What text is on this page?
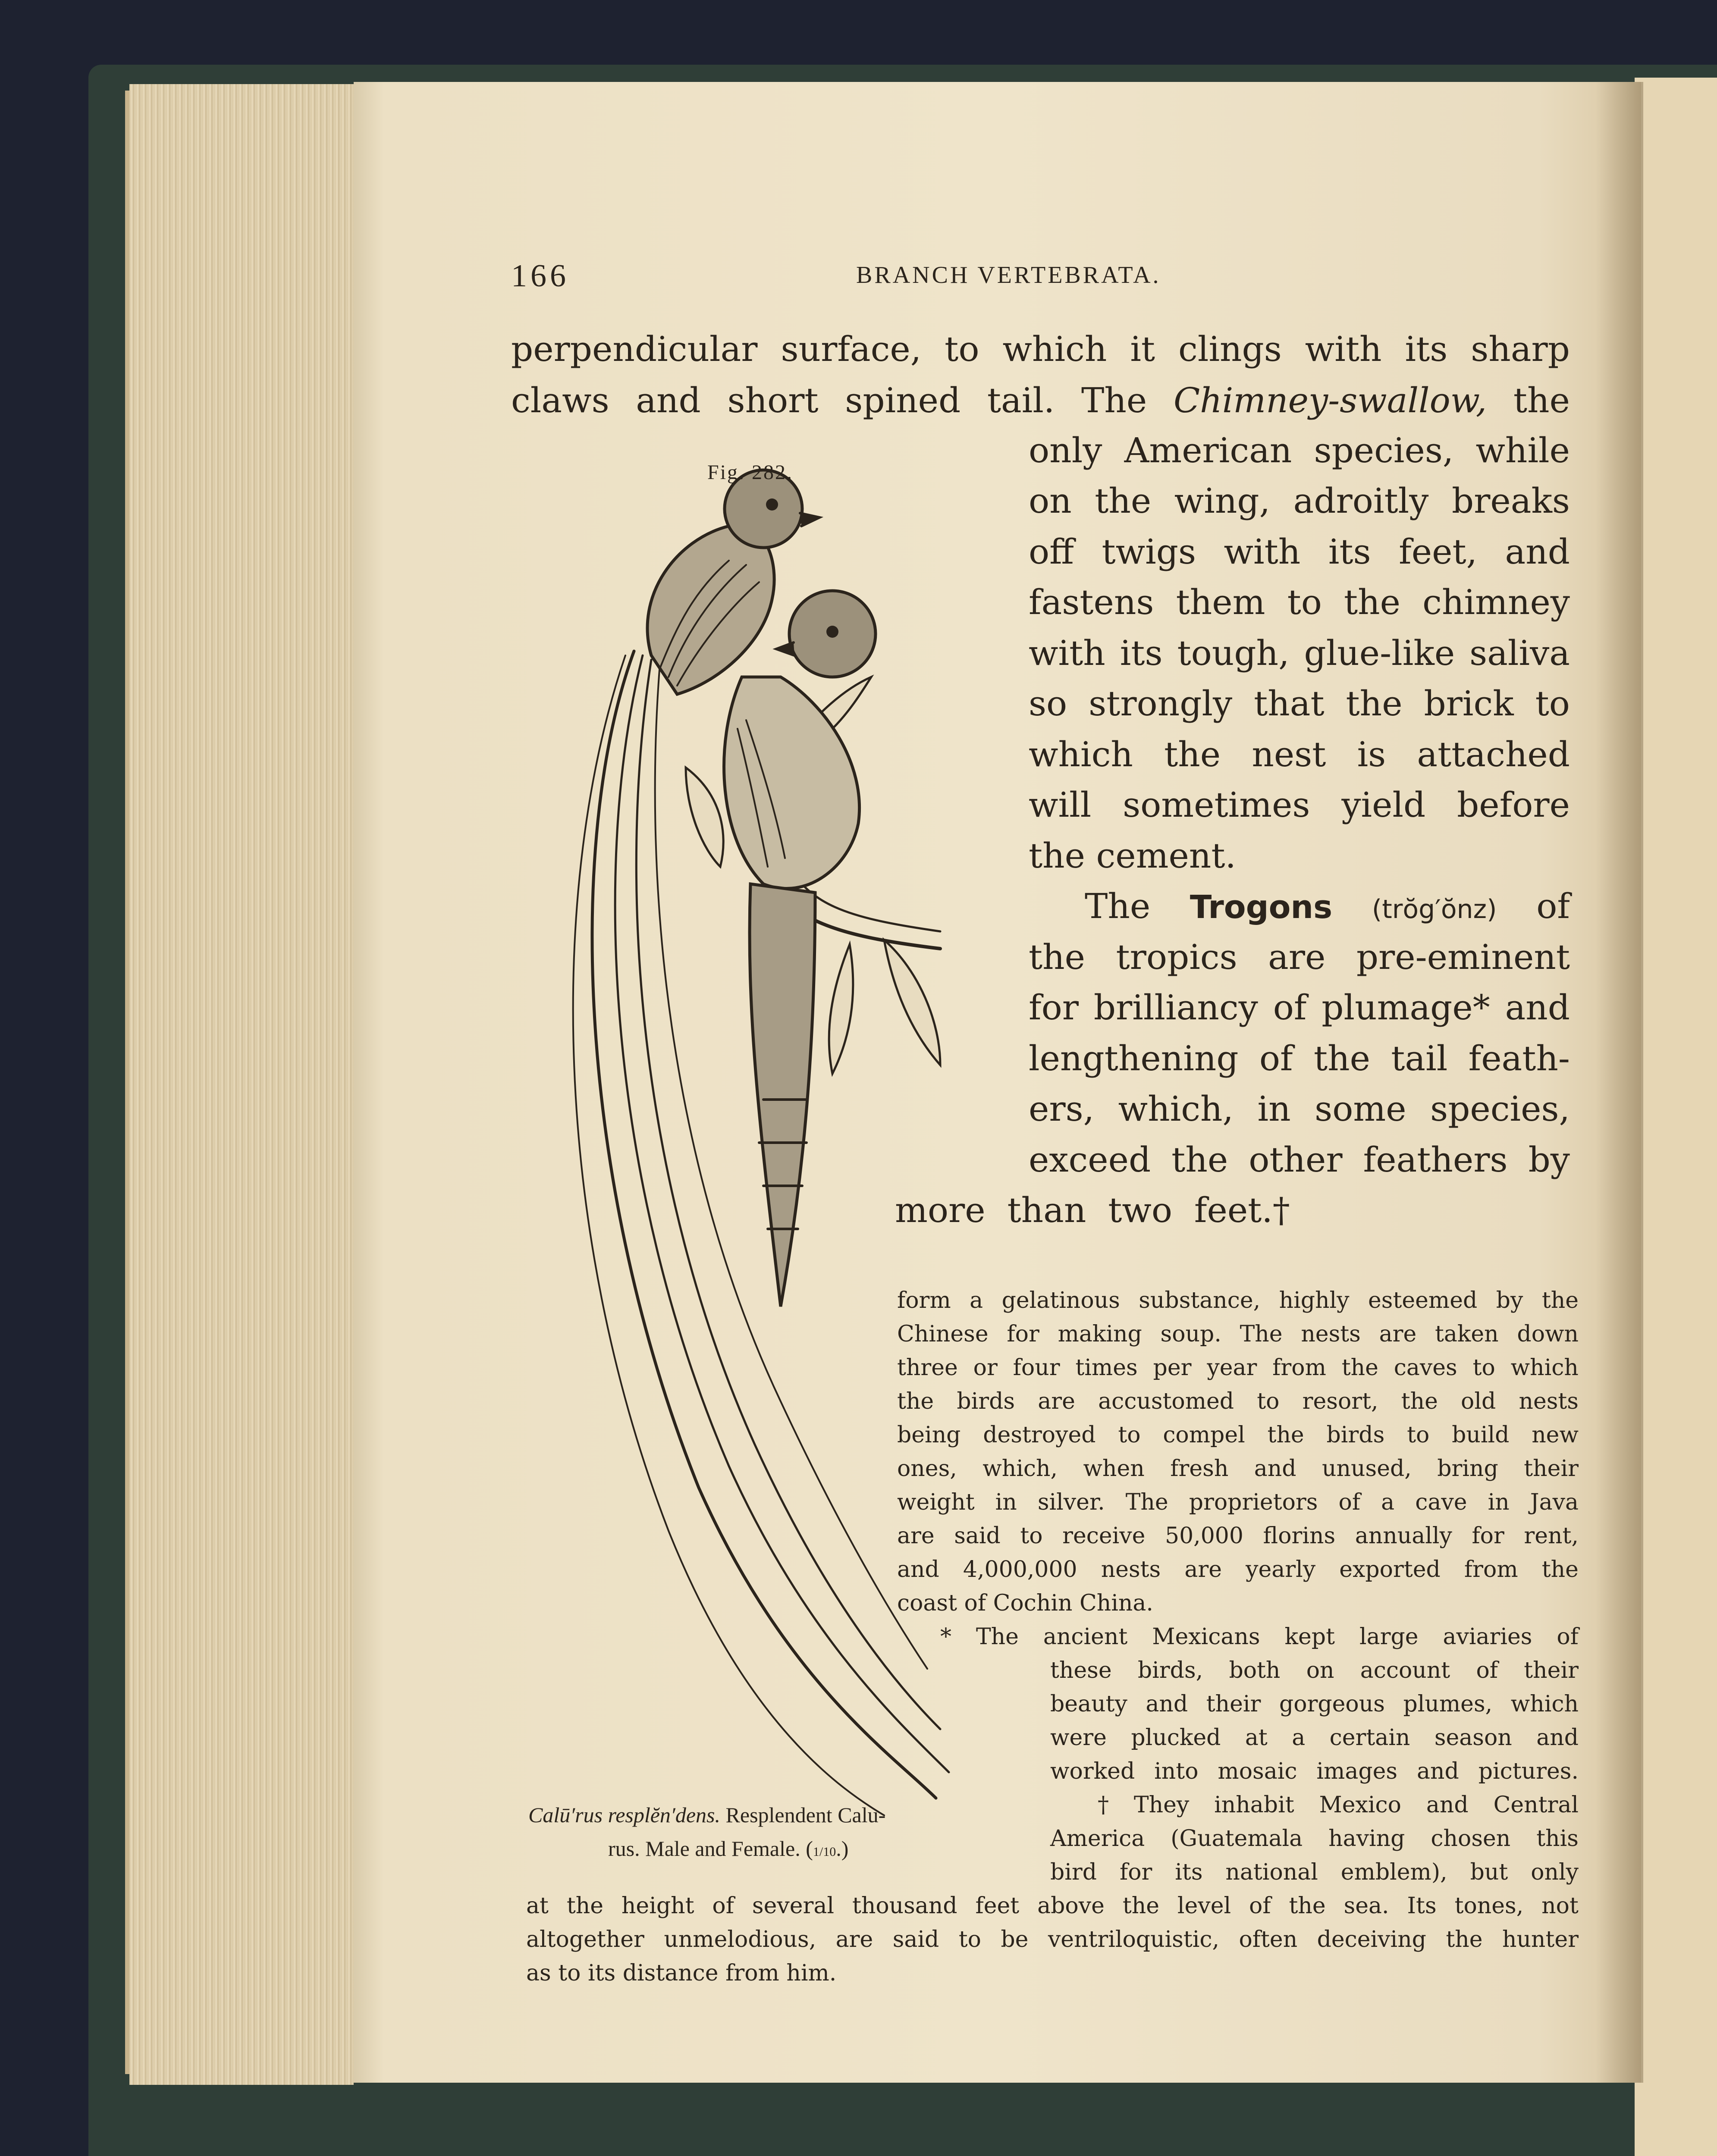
166	BRANCH VERTEBRATA.
Fig. 282.
Calū′rus resplĕn′dens. Resplendent Calu-
rus. Male and Female. (1/10.)
perpendicular surface, to which it clings with its sharp
claws and short spined tail. The Chimney-swallow, the
only American species, while
on the wing, adroitly breaks
off twigs with its feet, and
fastens them to the chimney
with its tough, glue-like saliva
so strongly that the brick to
which the nest is attached
will sometimes yield before
the cement.
The Trogons (trŏg′ŏnz) of
the tropics are pre-eminent
for brilliancy of plumage* and
lengthening of the tail feath-
ers, which, in some species,
exceed the other feathers by
more  than  two  feet.†
form a gelatinous substance, highly esteemed by the
Chinese for making soup. The nests are taken down
three or four times per year from the caves to which
the birds are accustomed to resort, the old nests
being destroyed to compel the birds to build new
ones, which, when fresh and unused, bring their
weight in silver. The proprietors of a cave in Java
are said to receive 50,000 florins annually for rent,
and 4,000,000 nests are yearly exported from the
coast of Cochin China.
* The ancient Mexicans kept large aviaries of
these birds, both on account of their
beauty and their gorgeous plumes, which
were plucked at a certain season and
worked into mosaic images and pictures.
† They inhabit Mexico and Central
America (Guatemala having chosen this
bird for its national emblem), but only
at the height of several thousand feet above the level of the sea. Its tones, not
altogether unmelodious, are said to be ventriloquistic, often deceiving the hunter
as to its distance from him.
